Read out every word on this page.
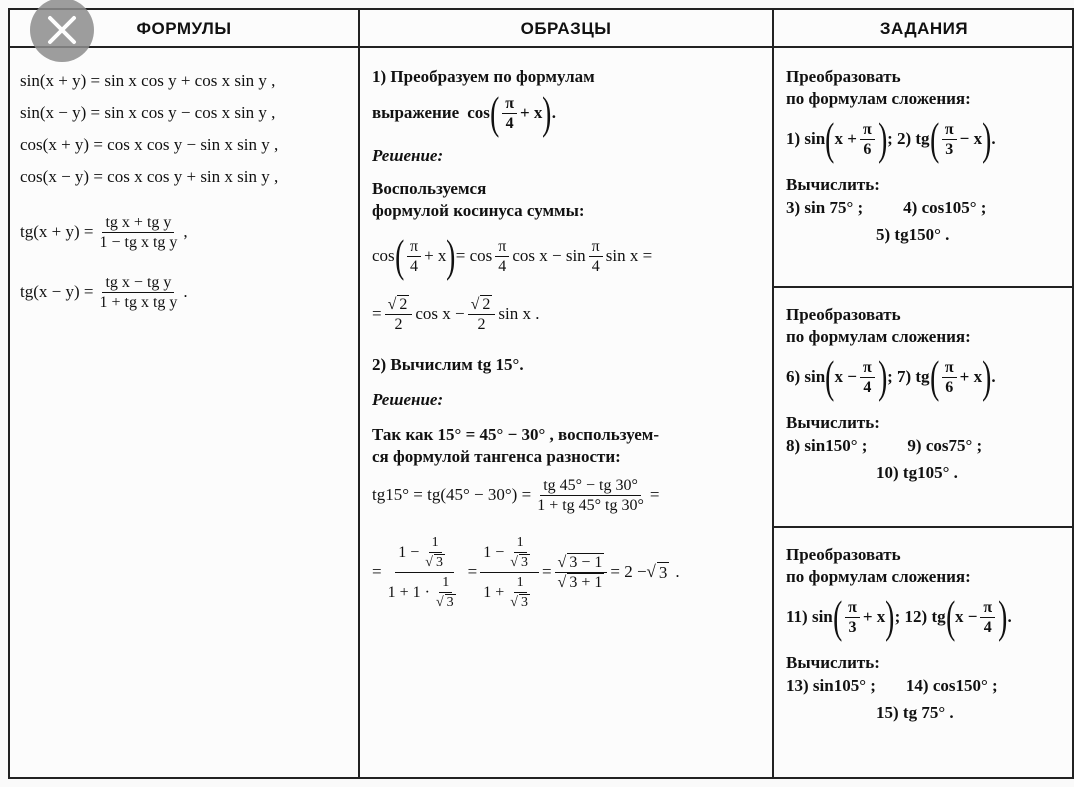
ФОРМУЛЫ	ОБРАЗЦЫ	ЗАДАНИЯ
sin(x + y) = sin x cos y + cos x sin y ,
sin(x − y) = sin x cos y − cos x sin y ,
cos(x + y) = cos x cos y − sin x sin y ,
cos(x − y) = cos x cos y + sin x sin y ,
$tg(x + y) = \frac{\text{tg x + tg y}}{\text{1 − tg x tg y}}$ ,
$tg(x - y) = \frac{\text{tg x − tg y}}{\text{1 + tg x tg y}}$ .
1) Преобразуем по формулам
выражение cos ( $\frac{\pi}{4} + x$ ) .
Решение:
Воспользуемся
формулой косинуса суммы:
cos ( $\frac{\pi}{4} + x$ ) = $\cos \frac{\pi}{4}$ $\cos x - \sin \frac{\pi}{4}$ sin x =
= $\frac{√ 2}{2}$ $\cos x - \frac{√ 2}{2}$ sin x .
2) Вычислим tg 15°.
Решение:
Так как 15° = 45° − 30° , воспользуем-
ся формулой тангенса разности:
$tg15^\circ = tg(45^\circ - 30^\circ) = \frac{tg 45^\circ - tg 30^\circ}{1 + tg 45^\circ tg 30^\circ}$ =
= $\frac{1 - \frac{1}{√ 3}}{1 + 1 \cdot \frac{1}{√ 3}} = \frac{1 - \frac{1}{√ 3}}{1 + \frac{1}{√ 3}} = \frac{√ 3 - 1}{√ 3 + 1} = 2$ − √ 3 .
Преобразовать
по формулам сложения:
1) sin ( $x + \frac{\pi}{6}$ ) ; 2) tg ( $\frac{\pi}{3} - x$ ) .
Вычислить:
3) sin 75° ; 4) cos105° ;
5) tg150° .
Преобразовать
по формулам сложения:
6) sin ( $x - \frac{\pi}{4}$ ) ; 7) tg ( $\frac{\pi}{6} + x$ ) .
Вычислить:
8) sin150° ; 9) cos75° ;
10) tg105° .
Преобразовать
по формулам сложения:
11) sin ( $\frac{\pi}{3} + x$ ) ; 12) tg ( $x - \frac{\pi}{4}$ ) .
Вычислить:
13) sin105° ; 14) cos150° ;
15) tg 75° .
